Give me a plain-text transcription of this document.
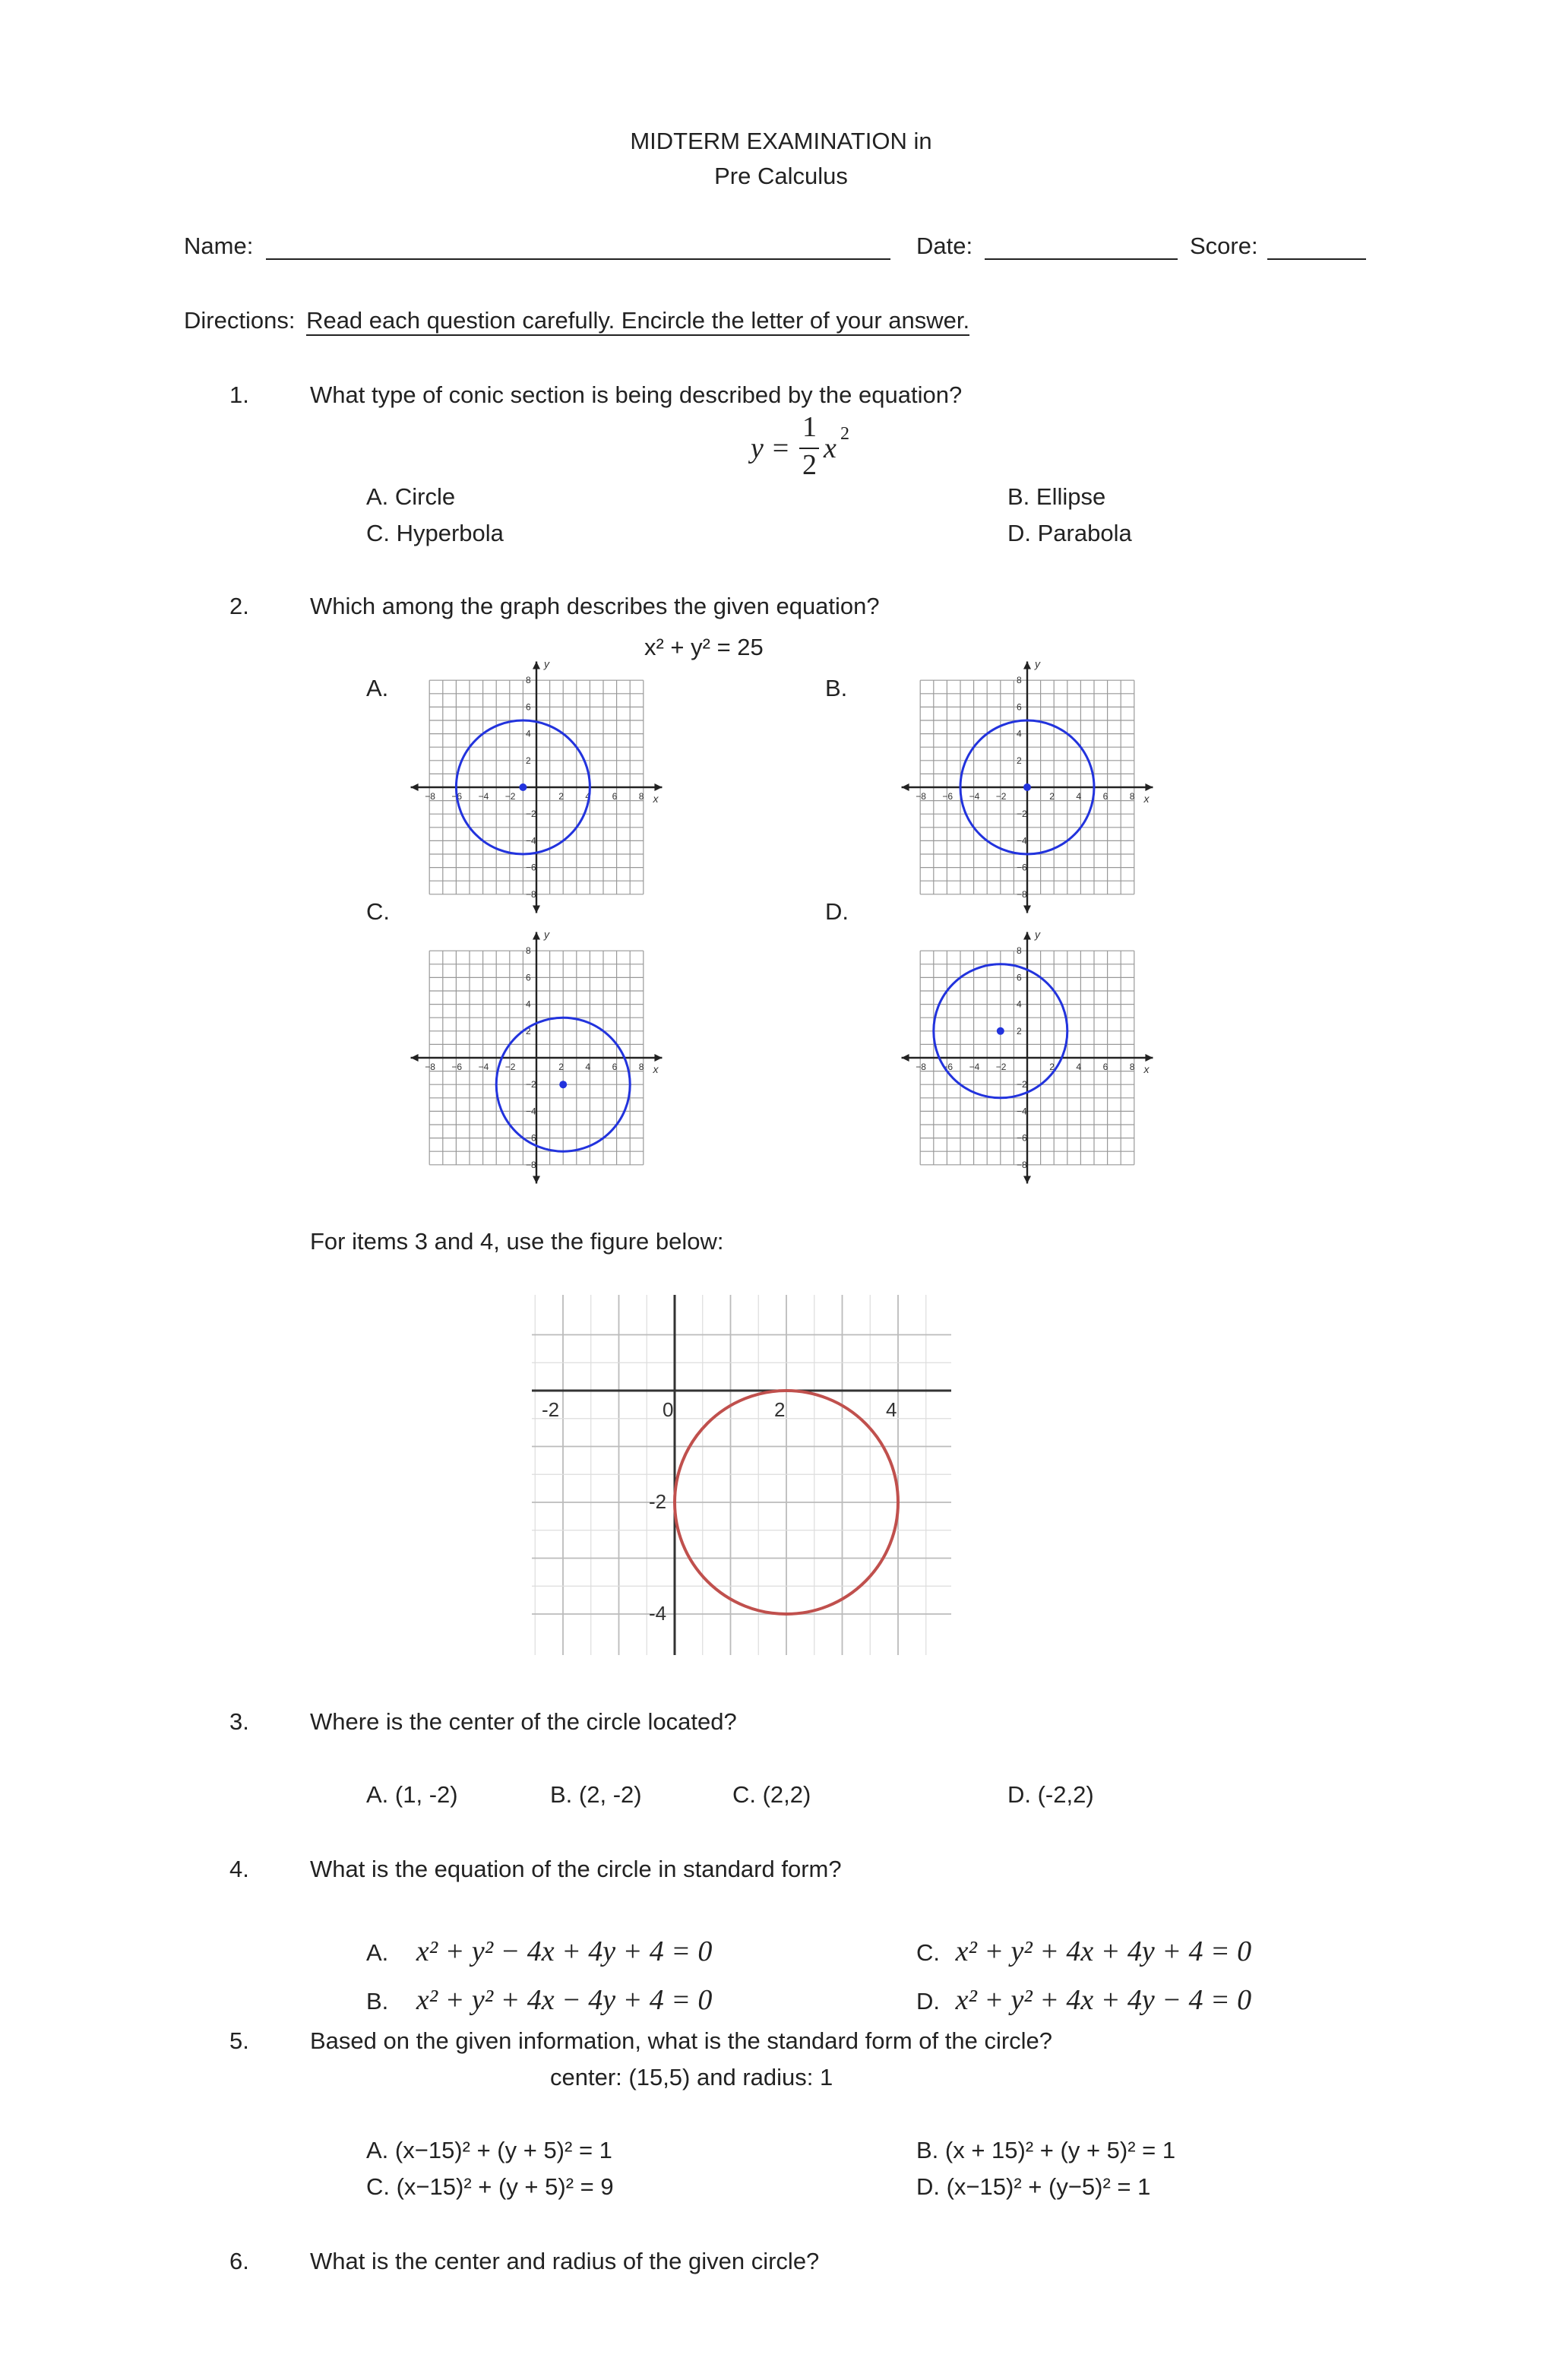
MIDTERM EXAMINATION in
Pre Calculus
Name:	Date:	Score:
Directions: Read each question carefully. Encircle the letter of your answer.
1.	What type of conic section is being described by the equation?
y =
1
2
x 2
A. Circle	B. Ellipse
C. Hyperbola	D. Parabola
2.	Which among the graph describes the given equation?
x² + y² = 25
A.	B.
C.	D.
−8 −6 −4 −2	2 4 6 8
8
6
4
2
−2
−4
−6
−8
x
y
−8 −6 −4 −2	2 4 6 8
8
6
4
2
−2
−4
−6
−8
x
y
−8 −6 −4 −2	2 4 6 8
8
6
4
2
−2
−4
−6
−8
x
y
−8 −6 −4 −2	2 4 6 8
8
6
4
2
−2
−4
−6
−8
x
y
For items 3 and 4, use the figure below:
-2	0	2	4
-2
-4
3.	Where is the center of the circle located?
A. (1, -2)	B. (2, -2)	C. (2,2)	D. (-2,2)
4.	What is the equation of the circle in standard form?
A. x² + y² − 4x + 4y + 4 = 0
B. x² + y² + 4x − 4y + 4 = 0
C. x² + y² + 4x + 4y + 4 = 0
D. x² + y² + 4x + 4y − 4 = 0
5.	Based on the given information, what is the standard form of the circle?
center: (15,5) and radius: 1
A. (x−15)² + (y + 5)² = 1	B. (x + 15)² + (y + 5)² = 1
C. (x−15)² + (y + 5)² = 9	D. (x−15)² + (y−5)² = 1
6.	What is the center and radius of the given circle?
